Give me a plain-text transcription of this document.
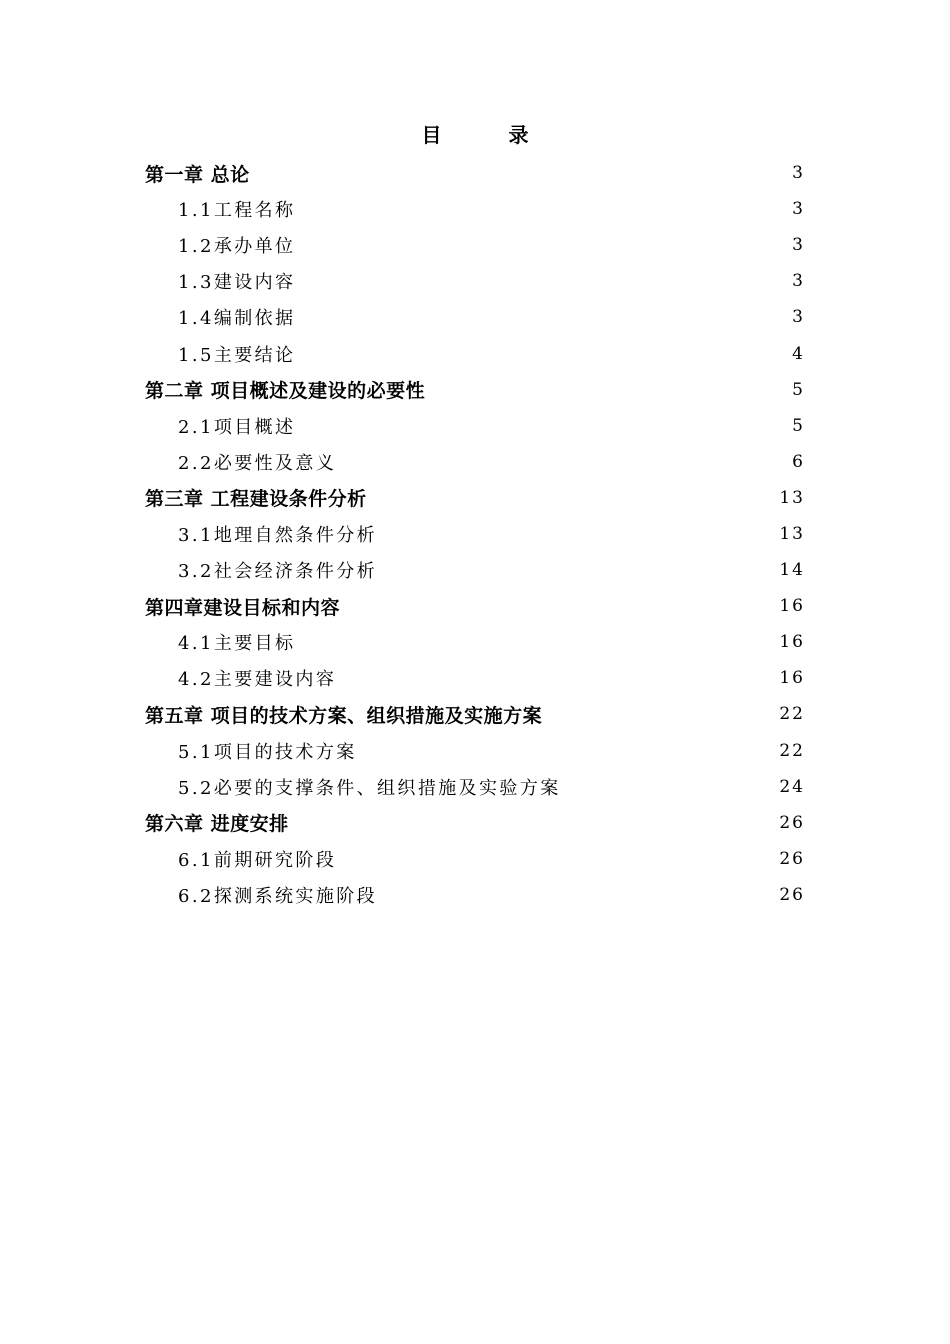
目 录
第一章 总论	3
1.1工程名称	3
1.2承办单位	3
1.3建设内容	3
1.4编制依据	3
1.5主要结论	4
第二章 项目概述及建设的必要性	5
2.1项目概述	5
2.2必要性及意义	6
第三章 工程建设条件分析	13
3.1地理自然条件分析	13
3.2社会经济条件分析	14
第四章建设目标和内容	16
4.1主要目标	16
4.2主要建设内容	16
第五章 项目的技术方案、组织措施及实施方案	22
5.1项目的技术方案	22
5.2必要的支撑条件、组织措施及实验方案	24
第六章 进度安排	26
6.1前期研究阶段	26
6.2探测系统实施阶段	26
